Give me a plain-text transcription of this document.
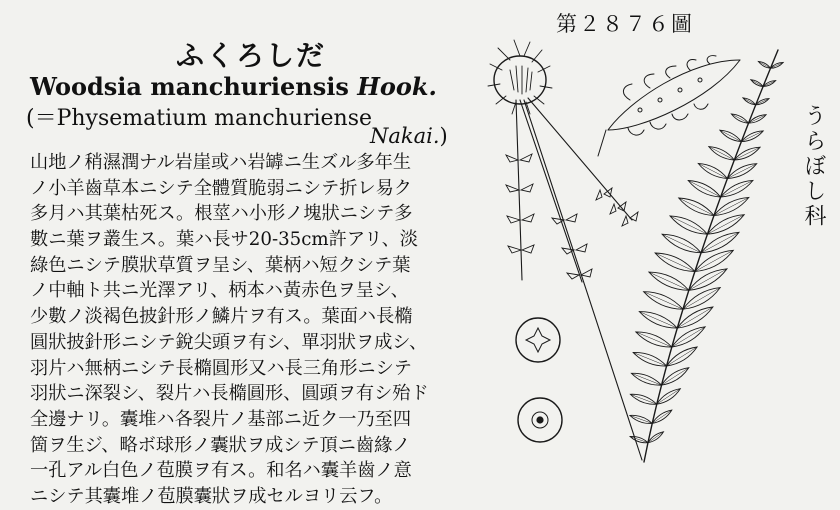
第２８７６圖
うらぼし科
ふくろしだ
Woodsia manchuriensis Hook.
(＝Physematium manchuriense
Nakai.)
山地ノ稍濕潤ナル岩崖或ハ岩罅ニ生ズル多年生
ノ小羊齒草本ニシテ全體質脆弱ニシテ折レ易ク
多月ハ其葉枯死ス。根莖ハ小形ノ塊狀ニシテ多
數ニ葉ヲ叢生ス。葉ハ長サ20-35cm許アリ、淡
綠色ニシテ膜狀草質ヲ呈シ、葉柄ハ短クシテ葉
ノ中軸ト共ニ光澤アリ、柄本ハ黃赤色ヲ呈シ、
少數ノ淡褐色披針形ノ鱗片ヲ有ス。葉面ハ長橢
圓狀披針形ニシテ銳尖頭ヲ有シ、單羽狀ヲ成シ、
羽片ハ無柄ニシテ長橢圓形又ハ長三角形ニシテ
羽狀ニ深裂シ、裂片ハ長橢圓形、圓頭ヲ有シ殆ド
全邊ナリ。囊堆ハ各裂片ノ基部ニ近ク一乃至四
箇ヲ生ジ、略ボ球形ノ囊狀ヲ成シテ頂ニ齒緣ノ
一孔アル白色ノ苞膜ヲ有ス。和名ハ囊羊齒ノ意
ニシテ其囊堆ノ苞膜囊狀ヲ成セルヨリ云フ。
